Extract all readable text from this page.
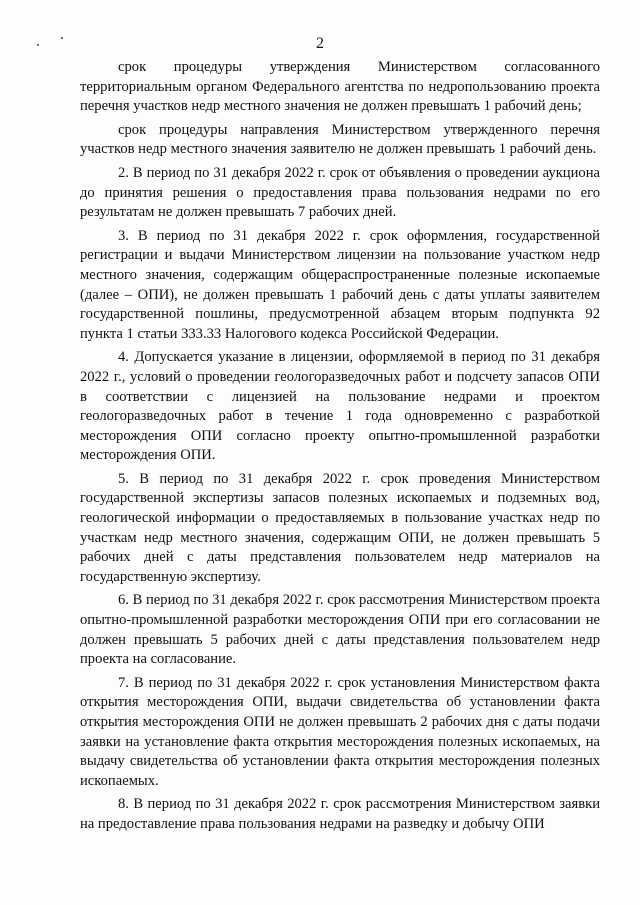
2

срок процедуры утверждения Министерством согласованного территориальным органом Федерального агентства по недропользованию проекта перечня участков недр местного значения не должен превышать 1 рабочий день;

срок процедуры направления Министерством утвержденного перечня участков недр местного значения заявителю не должен превышать 1 рабочий день.

2. В период по 31 декабря 2022 г. срок от объявления о проведении аукциона до принятия решения о предоставления права пользования недрами по его результатам не должен превышать 7 рабочих дней.

3. В период по 31 декабря 2022 г. срок оформления, государственной регистрации и выдачи Министерством лицензии на пользование участком недр местного значения, содержащим общераспространенные полезные ископаемые (далее – ОПИ), не должен превышать 1 рабочий день с даты уплаты заявителем государственной пошлины, предусмотренной абзацем вторым подпункта 92 пункта 1 статьи 333.33 Налогового кодекса Российской Федерации.

4. Допускается указание в лицензии, оформляемой в период по 31 декабря 2022 г., условий о проведении геологоразведочных работ и подсчету запасов ОПИ в соответствии с лицензией на пользование недрами и проектом геологоразведочных работ в течение 1 года одновременно с разработкой месторождения ОПИ согласно проекту опытно-промышленной разработки месторождения ОПИ.

5. В период по 31 декабря 2022 г. срок проведения Министерством государственной экспертизы запасов полезных ископаемых и подземных вод, геологической информации о предоставляемых в пользование участках недр по участкам недр местного значения, содержащим ОПИ, не должен превышать 5 рабочих дней с даты представления пользователем недр материалов на государственную экспертизу.

6. В период по 31 декабря 2022 г. срок рассмотрения Министерством проекта опытно-промышленной разработки месторождения ОПИ при его согласовании не должен превышать 5 рабочих дней с даты представления пользователем недр проекта на согласование.

7. В период по 31 декабря 2022 г. срок установления Министерством факта открытия месторождения ОПИ, выдачи свидетельства об установлении факта открытия месторождения ОПИ не должен превышать 2 рабочих дня с даты подачи заявки на установление факта открытия месторождения полезных ископаемых, на выдачу свидетельства об установлении факта открытия месторождения полезных ископаемых.

8. В период по 31 декабря 2022 г. срок рассмотрения Министерством заявки на предоставление права пользования недрами на разведку и добычу ОПИ
